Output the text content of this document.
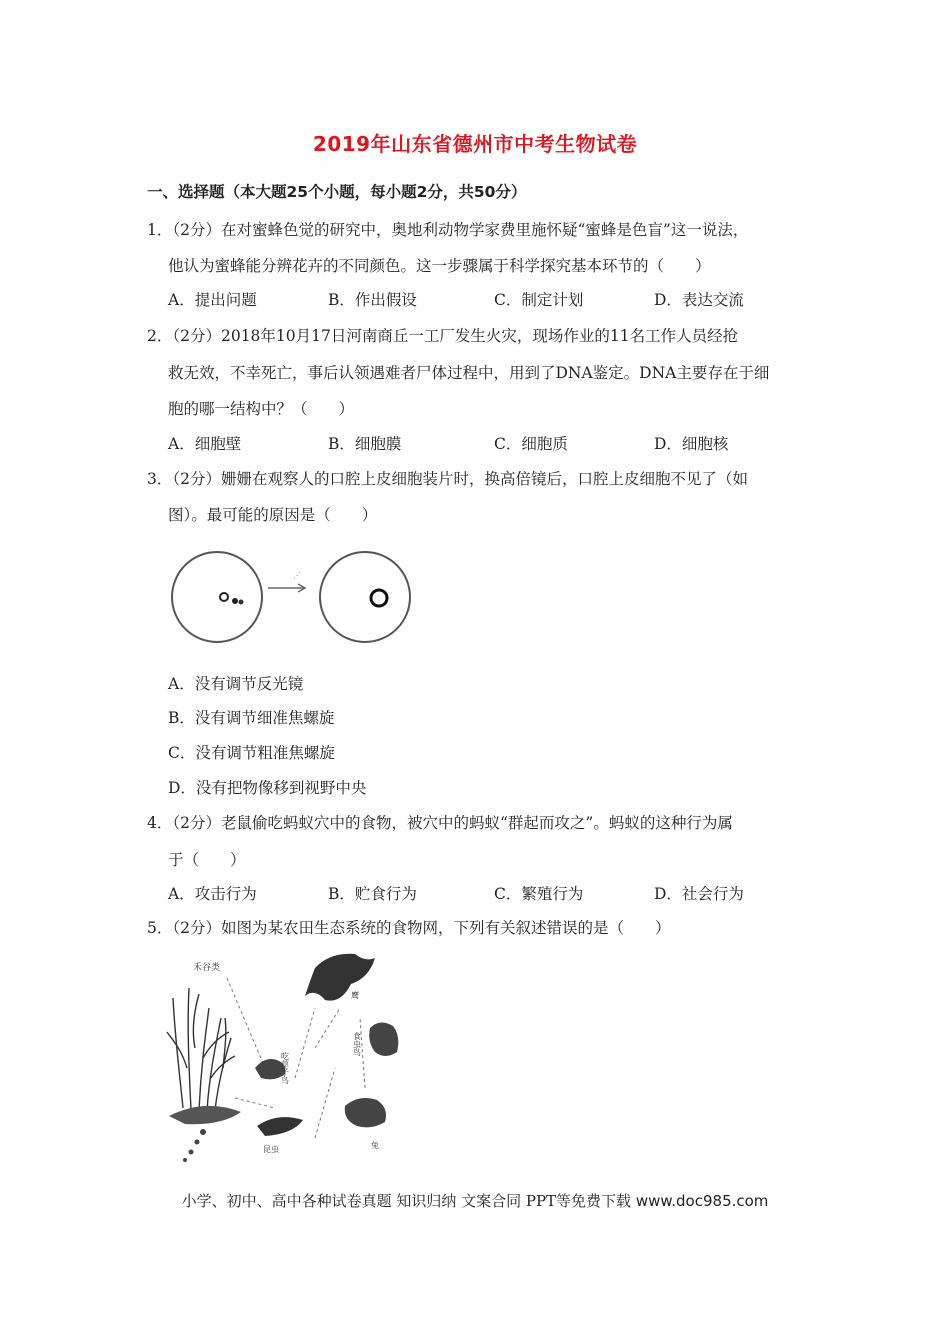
2019年山东省德州市中考生物试卷
一、选择题（本大题25个小题，每小题2分，共50分）
1．（2分）在对蜜蜂色觉的研究中，奥地利动物学家费里施怀疑“蜜蜂是色盲”这一说法，
他认为蜜蜂能分辨花卉的不同颜色。这一步骤属于科学探究基本环节的（　　）
A．提出问题	B．作出假设	C．制定计划	D．表达交流
2．（2分）2018年10月17日河南商丘一工厂发生火灾，现场作业的11名工作人员经抢
救无效，不幸死亡，事后认领遇难者尸体过程中，用到了DNA鉴定。DNA主要存在于细
胞的哪一结构中？（　　）
A．细胞壁	B．细胞膜	C．细胞质	D．细胞核
3．（2分）姗姗在观察人的口腔上皮细胞装片时，换高倍镜后，口腔上皮细胞不见了（如
图）。最可能的原因是（　　）
⋰
A．没有调节反光镜
B．没有调节细准焦螺旋
C．没有调节粗准焦螺旋
D．没有把物像移到视野中央
4．（2分）老鼠偷吃蚂蚁穴中的食物，被穴中的蚂蚁“群起而攻之”。蚂蚁的这种行为属
于（　　）
A．攻击行为	B．贮食行为	C．繁殖行为	D．社会行为
5．（2分）如图为某农田生态系统的食物网，下列有关叙述错误的是（　　）
禾谷类
鹰
吃草子鸟
食虫鸟
昆虫	兔
小学、初中、高中各种试卷真题 知识归纳 文案合同 PPT等免费下载 www.doc985.com
